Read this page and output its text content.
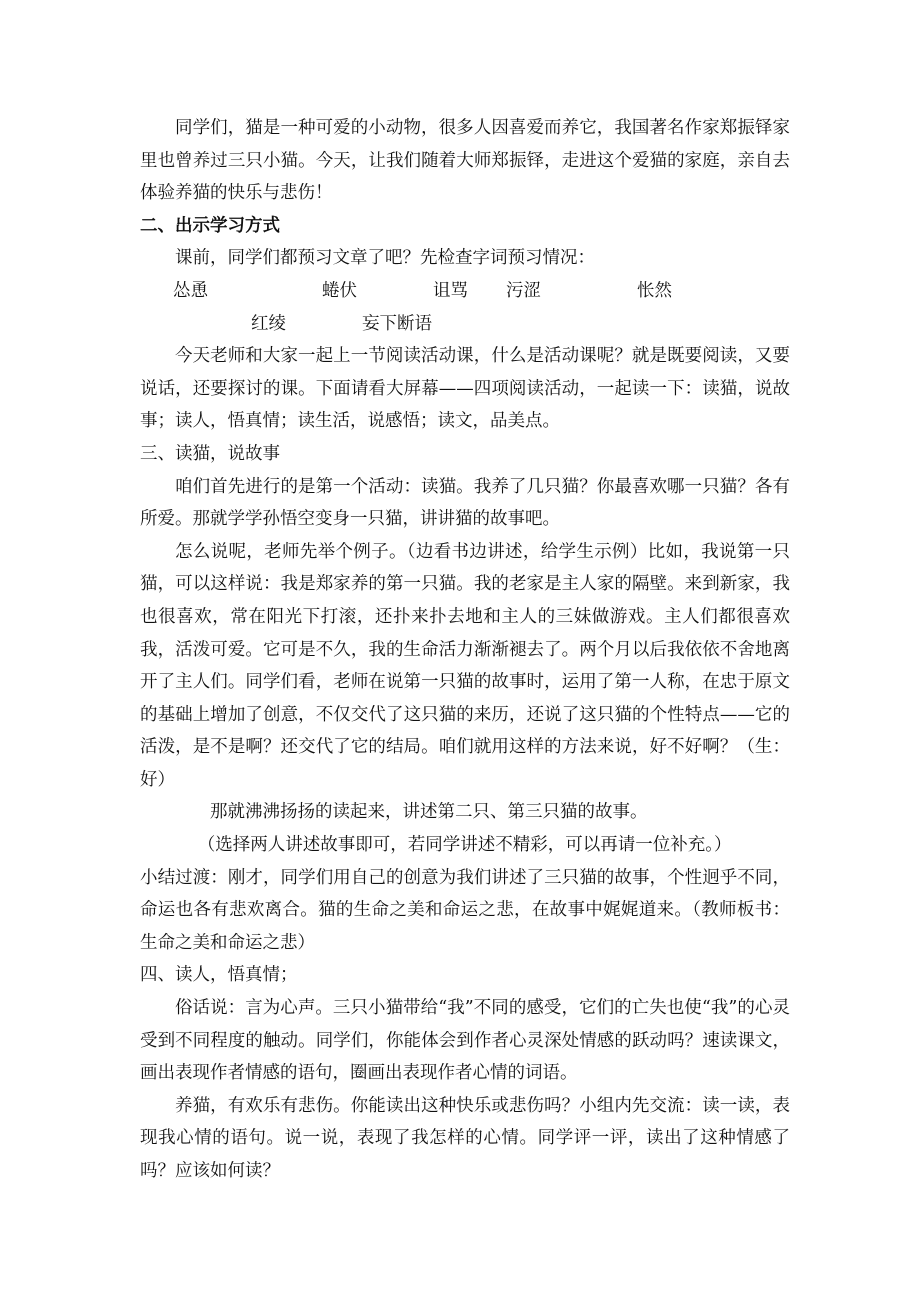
同学们，猫是一种可爱的小动物，很多人因喜爱而养它，我国著名作家郑振铎家里也曾养过三只小猫。今天，让我们随着大师郑振铎，走进这个爱猫的家庭，亲自去体验养猫的快乐与悲伤！

二、出示学习方式

课前，同学们都预习文章了吧？先检查字词预习情况：

怂恿	蜷伏	诅骂 污涩	怅然
红绫	妄下断语

今天老师和大家一起上一节阅读活动课，什么是活动课呢？就是既要阅读，又要说话，还要探讨的课。下面请看大屏幕——四项阅读活动，一起读一下：读猫，说故事；读人，悟真情；读生活，说感悟；读文，品美点。

三、读猫，说故事

咱们首先进行的是第一个活动：读猫。我养了几只猫？你最喜欢哪一只猫？各有所爱。那就学学孙悟空变身一只猫，讲讲猫的故事吧。

怎么说呢，老师先举个例子。（边看书边讲述，给学生示例）比如，我说第一只猫，可以这样说：我是郑家养的第一只猫。我的老家是主人家的隔壁。来到新家，我也很喜欢，常在阳光下打滚，还扑来扑去地和主人的三妹做游戏。主人们都很喜欢我，活泼可爱。它可是不久，我的生命活力渐渐褪去了。两个月以后我依依不舍地离开了主人们。同学们看，老师在说第一只猫的故事时，运用了第一人称，在忠于原文的基础上增加了创意，不仅交代了这只猫的来历，还说了这只猫的个性特点——它的活泼，是不是啊？还交代了它的结局。咱们就用这样的方法来说，好不好啊？（生：好）

那就沸沸扬扬的读起来，讲述第二只、第三只猫的故事。

（选择两人讲述故事即可，若同学讲述不精彩，可以再请一位补充。）

小结过渡：刚才，同学们用自己的创意为我们讲述了三只猫的故事，个性迥乎不同，命运也各有悲欢离合。猫的生命之美和命运之悲，在故事中娓娓道来。（教师板书：生命之美和命运之悲）

四、读人，悟真情；

俗话说：言为心声。三只小猫带给“我”不同的感受，它们的亡失也使“我”的心灵受到不同程度的触动。同学们，你能体会到作者心灵深处情感的跃动吗？速读课文，画出表现作者情感的语句，圈画出表现作者心情的词语。

养猫，有欢乐有悲伤。你能读出这种快乐或悲伤吗？小组内先交流：读一读，表现我心情的语句。说一说，表现了我怎样的心情。同学评一评，读出了这种情感了吗？应该如何读？
